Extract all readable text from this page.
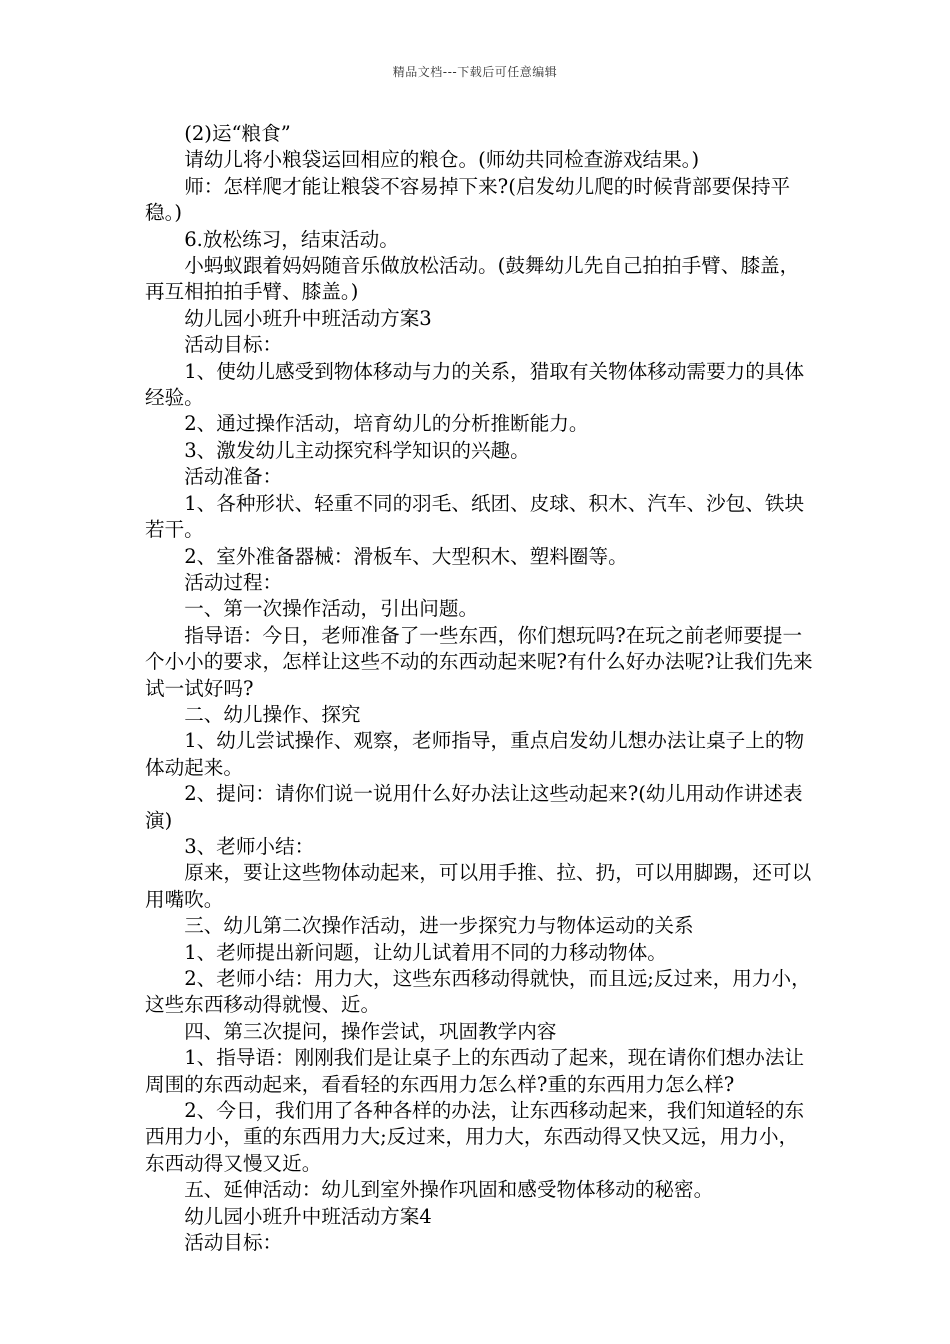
精品文档---下载后可任意编辑

(2)运“粮食”

请幼儿将小粮袋运回相应的粮仓。(师幼共同检查游戏结果。)

师：怎样爬才能让粮袋不容易掉下来?(启发幼儿爬的时候背部要保持平稳。)

6.放松练习，结束活动。

小蚂蚁跟着妈妈随音乐做放松活动。(鼓舞幼儿先自己拍拍手臂、膝盖，再互相拍拍手臂、膝盖。)

幼儿园小班升中班活动方案3

活动目标：

1、使幼儿感受到物体移动与力的关系，猎取有关物体移动需要力的具体经验。

2、通过操作活动，培育幼儿的分析推断能力。

3、激发幼儿主动探究科学知识的兴趣。

活动准备：

1、各种形状、轻重不同的羽毛、纸团、皮球、积木、汽车、沙包、铁块若干。

2、室外准备器械：滑板车、大型积木、塑料圈等。

活动过程：

一、第一次操作活动，引出问题。

指导语：今日，老师准备了一些东西，你们想玩吗?在玩之前老师要提一个小小的要求，怎样让这些不动的东西动起来呢?有什么好办法呢?让我们先来试一试好吗?

二、幼儿操作、探究

1、幼儿尝试操作、观察，老师指导，重点启发幼儿想办法让桌子上的物体动起来。

2、提问：请你们说一说用什么好办法让这些动起来?(幼儿用动作讲述表演)

3、老师小结：

原来，要让这些物体动起来，可以用手推、拉、扔，可以用脚踢，还可以用嘴吹。

三、幼儿第二次操作活动，进一步探究力与物体运动的关系

1、老师提出新问题，让幼儿试着用不同的力移动物体。

2、老师小结：用力大，这些东西移动得就快，而且远;反过来，用力小，这些东西移动得就慢、近。

四、第三次提问，操作尝试，巩固教学内容

1、指导语：刚刚我们是让桌子上的东西动了起来，现在请你们想办法让周围的东西动起来，看看轻的东西用力怎么样?重的东西用力怎么样?

2、今日，我们用了各种各样的办法，让东西移动起来，我们知道轻的东西用力小，重的东西用力大;反过来，用力大，东西动得又快又远，用力小，东西动得又慢又近。

五、延伸活动：幼儿到室外操作巩固和感受物体移动的秘密。

幼儿园小班升中班活动方案4

活动目标：
